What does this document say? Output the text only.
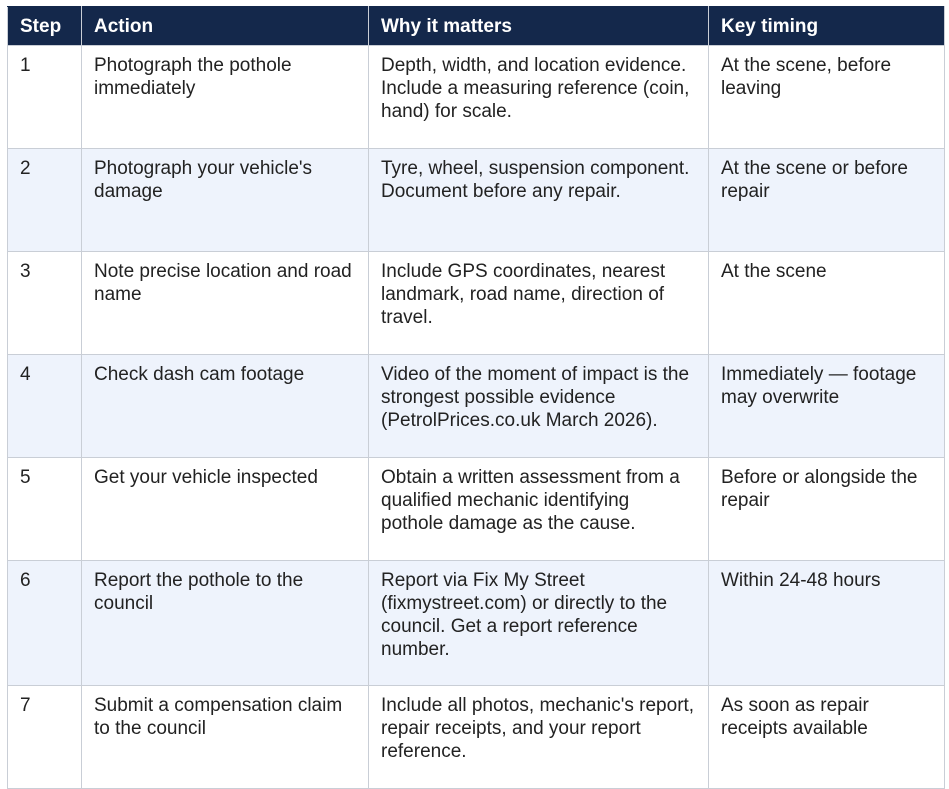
Step	Action	Why it matters	Key timing
1	Photograph the pothole immediately	Depth, width, and location evidence. Include a measuring reference (coin, hand) for scale.	At the scene, before leaving
2	Photograph your vehicle's damage	Tyre, wheel, suspension component. Document before any repair.	At the scene or before repair
3	Note precise location and road name	Include GPS coordinates, nearest landmark, road name, direction of travel.	At the scene
4	Check dash cam footage	Video of the moment of impact is the strongest possible evidence (PetrolPrices.co.uk March 2026).	Immediately — footage may overwrite
5	Get your vehicle inspected	Obtain a written assessment from a qualified mechanic identifying pothole damage as the cause.	Before or alongside the repair
6	Report the pothole to the council	Report via Fix My Street (fixmystreet.com) or directly to the council. Get a report reference number.	Within 24-48 hours
7	Submit a compensation claim to the council	Include all photos, mechanic's report, repair receipts, and your report reference.	As soon as repair receipts available
